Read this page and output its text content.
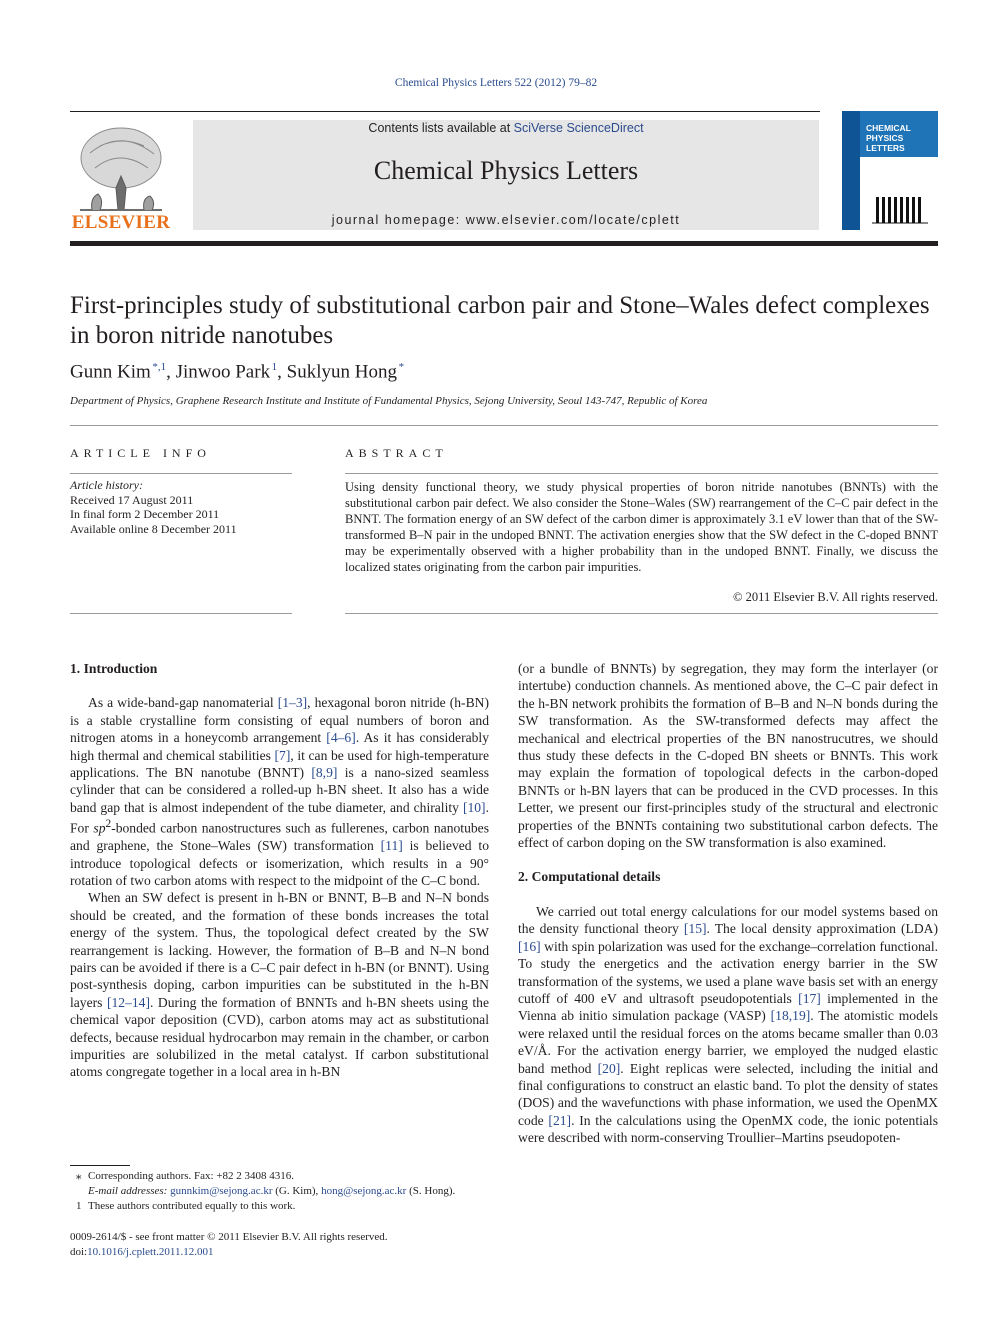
Chemical Physics Letters 522 (2012) 79–82
ELSEVIER
Contents lists available at SciVerse ScienceDirect
Chemical Physics Letters
journal homepage: www.elsevier.com/locate/cplett
CHEMICAL
PHYSICS
LETTERS
First-principles study of substitutional carbon pair and Stone–Wales defect complexes in boron nitride nanotubes
Gunn Kim  $^{*,1}$, Jinwoo Park  $^1$, Suklyun Hong  *
Department of Physics, Graphene Research Institute and Institute of Fundamental Physics, Sejong University, Seoul 143-747, Republic of Korea
ARTICLE INFO
Article history:
Received 17 August 2011
In final form 2 December 2011
Available online 8 December 2011
ABSTRACT
Using density functional theory, we study physical properties of boron nitride nanotubes (BNNTs) with the substitutional carbon pair defect. We also consider the Stone–Wales (SW) rearrangement of the C–C pair defect in the BNNT. The formation energy of an SW defect of the carbon dimer is approximately 3.1 eV lower than that of the SW-transformed B–N pair in the undoped BNNT. The activation energies show that the SW defect in the C-doped BNNT may be experimentally observed with a higher probability than in the undoped BNNT. Finally, we discuss the localized states originating from the carbon pair impurities.
© 2011 Elsevier B.V. All rights reserved.
1. Introduction

As a wide-band-gap nanomaterial [1–3], hexagonal boron nitride (h-BN) is a stable crystalline form consisting of equal numbers of boron and nitrogen atoms in a honeycomb arrangement [4–6]. As it has considerably high thermal and chemical stabilities [7], it can be used for high-temperature applications. The BN nanotube (BNNT) [8,9] is a nano-sized seamless cylinder that can be considered a rolled-up h-BN sheet. It also has a wide band gap that is almost independent of the tube diameter, and chirality [10]. For $sp^2$-bonded carbon nanostructures such as fullerenes, carbon nanotubes and graphene, the Stone–Wales (SW) transformation [11] is believed to introduce topological defects or isomerization, which results in a 90° rotation of two carbon atoms with respect to the midpoint of the C–C bond.

When an SW defect is present in h-BN or BNNT, B–B and N–N bonds should be created, and the formation of these bonds increases the total energy of the system. Thus, the topological defect created by the SW rearrangement is lacking. However, the formation of B–B and N–N bond pairs can be avoided if there is a C–C pair defect in h-BN (or BNNT). Using post-synthesis doping, carbon impurities can be substituted in the h-BN layers [12–14]. During the formation of BNNTs and h-BN sheets using the chemical vapor deposition (CVD), carbon atoms may act as substitutional defects, because residual hydrocarbon may remain in the chamber, or carbon impurities are solubilized in the metal catalyst. If carbon substitutional atoms congregate together in a local area in h-BN

(or a bundle of BNNTs) by segregation, they may form the interlayer (or intertube) conduction channels. As mentioned above, the C–C pair defect in the h-BN network prohibits the formation of B–B and N–N bonds during the SW transformation. As the SW-transformed defects may affect the mechanical and electrical properties of the BN nanostrucutres, we should thus study these defects in the C-doped BN sheets or BNNTs. This work may explain the formation of topological defects in the carbon-doped BNNTs or h-BN layers that can be produced in the CVD processes. In this Letter, we present our first-principles study of the structural and electronic properties of the BNNTs containing two substitutional carbon defects. The effect of carbon doping on the SW transformation is also examined.

2. Computational details

We carried out total energy calculations for our model systems based on the density functional theory [15]. The local density approximation (LDA) [16] with spin polarization was used for the exchange–correlation functional. To study the energetics and the activation energy barrier in the SW transformation of the systems, we used a plane wave basis set with an energy cutoff of 400 eV and ultrasoft pseudopotentials [17] implemented in the Vienna ab initio simulation package (VASP) [18,19]. The atomistic models were relaxed until the residual forces on the atoms became smaller than 0.03 eV/Å. For the activation energy barrier, we employed the nudged elastic band method [20]. Eight replicas were selected, including the initial and final configurations to construct an elastic band. To plot the density of states (DOS) and the wavefunctions with phase information, we used the OpenMX code [21]. In the calculations using the OpenMX code, the ionic potentials were described with norm-conserving Troullier–Martins pseudopoten-

⁎ Corresponding authors. Fax: +82 2 3408 4316.
E-mail addresses: gunnkim@sejong.ac.kr (G. Kim), hong@sejong.ac.kr (S. Hong).
1 These authors contributed equally to this work.
0009-2614/$ - see front matter © 2011 Elsevier B.V. All rights reserved.
doi:10.1016/j.cplett.2011.12.001
